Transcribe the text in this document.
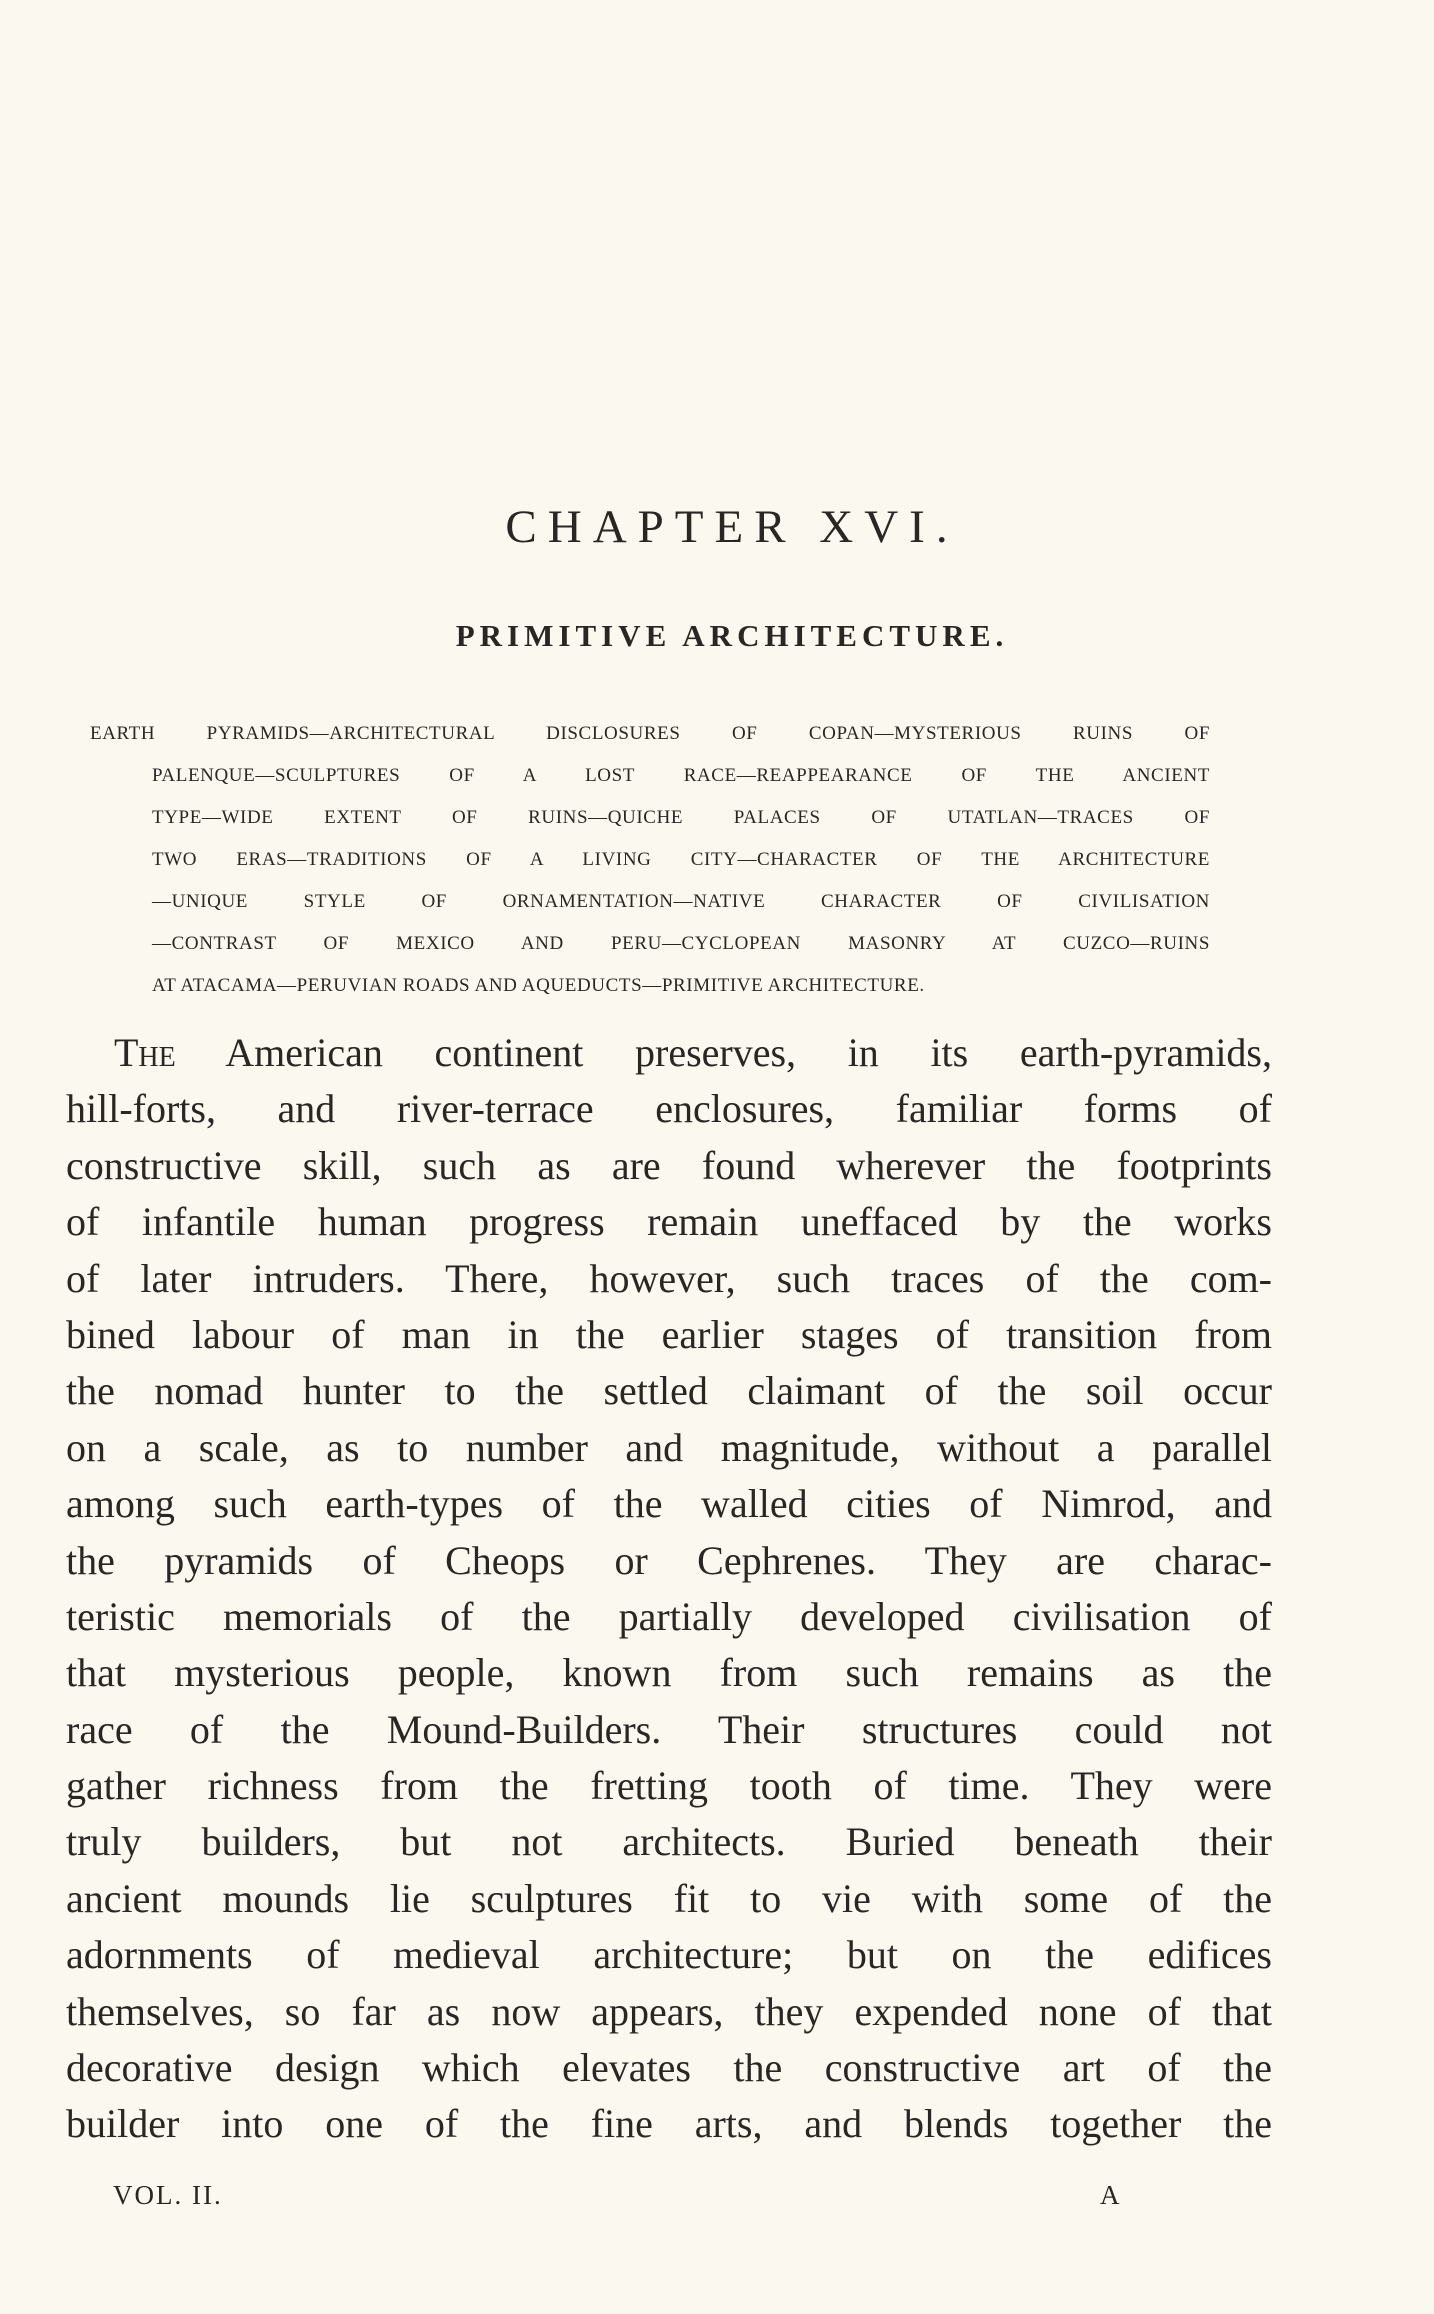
CHAPTER XVI.
PRIMITIVE ARCHITECTURE.
EARTH PYRAMIDS—ARCHITECTURAL DISCLOSURES OF COPAN—MYSTERIOUS RUINS OF
PALENQUE—SCULPTURES OF A LOST RACE—REAPPEARANCE OF THE ANCIENT
TYPE—WIDE EXTENT OF RUINS—QUICHE PALACES OF UTATLAN—TRACES OF
TWO ERAS—TRADITIONS OF A LIVING CITY—CHARACTER OF THE ARCHITECTURE
—UNIQUE STYLE OF ORNAMENTATION—NATIVE CHARACTER OF CIVILISATION
—CONTRAST OF MEXICO AND PERU—CYCLOPEAN MASONRY AT CUZCO—RUINS
AT ATACAMA—PERUVIAN ROADS AND AQUEDUCTS—PRIMITIVE ARCHITECTURE.
The American continent preserves, in its earth-pyramids,
hill-forts, and river-terrace enclosures, familiar forms of
constructive skill, such as are found wherever the footprints
of infantile human progress remain uneffaced by the works
of later intruders. There, however, such traces of the com-
bined labour of man in the earlier stages of transition from
the nomad hunter to the settled claimant of the soil occur
on a scale, as to number and magnitude, without a parallel
among such earth-types of the walled cities of Nimrod, and
the pyramids of Cheops or Cephrenes. They are charac-
teristic memorials of the partially developed civilisation of
that mysterious people, known from such remains as the
race of the Mound-Builders. Their structures could not
gather richness from the fretting tooth of time. They were
truly builders, but not architects. Buried beneath their
ancient mounds lie sculptures fit to vie with some of the
adornments of medieval architecture; but on the edifices
themselves, so far as now appears, they expended none of that
decorative design which elevates the constructive art of the
builder into one of the fine arts, and blends together the
VOL. II.	A
